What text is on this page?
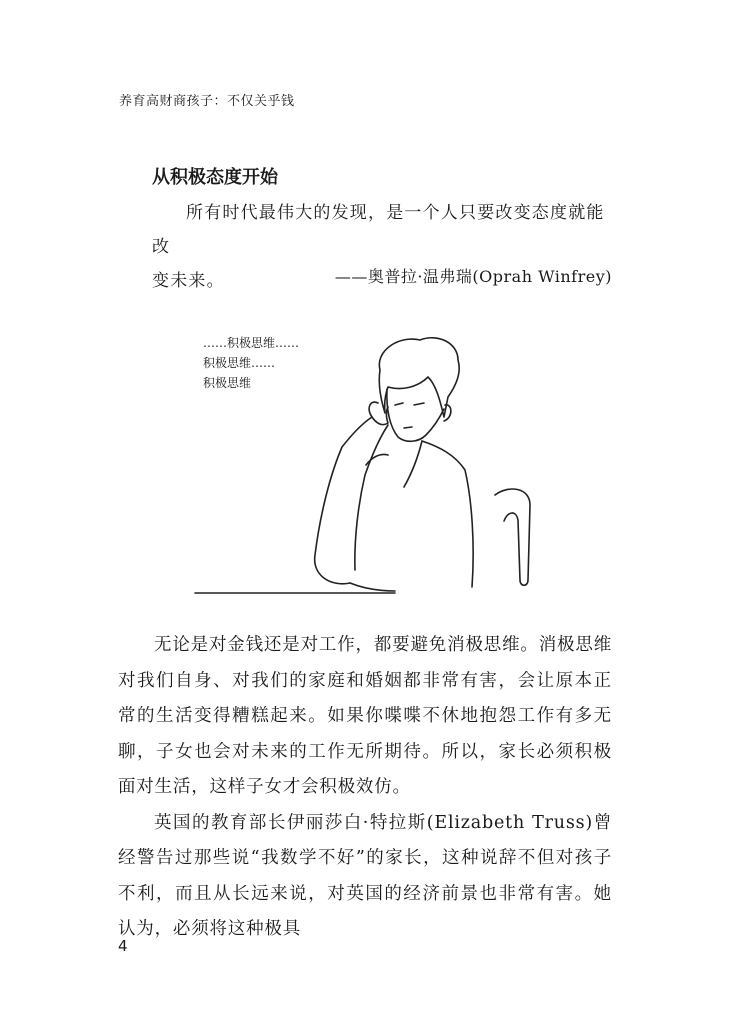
养育高财商孩子：不仅关乎钱
从积极态度开始

所有时代最伟大的发现，是一个人只要改变态度就能改

变未来。	——奥普拉·温弗瑞(Oprah Winfrey)
……积极思维……
积极思维……
积极思维

无论是对金钱还是对工作，都要避免消极思维。消极思维对我们自身、对我们的家庭和婚姻都非常有害，会让原本正常的生活变得糟糕起来。如果你喋喋不休地抱怨工作有多无聊，子女也会对未来的工作无所期待。所以，家长必须积极面对生活，这样子女才会积极效仿。

英国的教育部长伊丽莎白·特拉斯(Elizabeth Truss)曾经警告过那些说“我数学不好”的家长，这种说辞不但对孩子不利，而且从长远来说，对英国的经济前景也非常有害。她认为，必须将这种极具

4
